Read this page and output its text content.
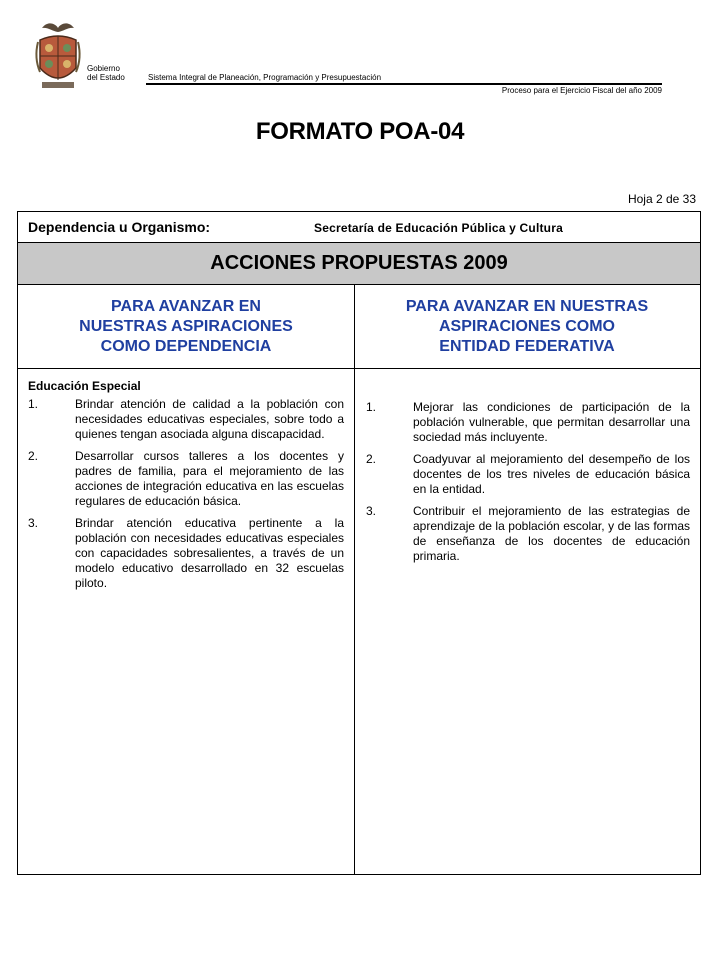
Gobierno
del Estado	Sistema Integral de Planeación, Programación y Presupuestación
Proceso para el Ejercicio Fiscal del año 2009
FORMATO POA-04
Hoja 2 de 33
Dependencia u Organismo:	Secretaría de Educación Pública y Cultura
ACCIONES PROPUESTAS 2009
PARA AVANZAR EN
NUESTRAS ASPIRACIONES
COMO DEPENDENCIA
Educación Especial
1.	Brindar atención de calidad a la población con necesidades educativas especiales, sobre todo a quienes tengan asociada alguna discapacidad.
2.	Desarrollar cursos talleres a los docentes y padres de familia, para el mejoramiento de las acciones de integración educativa en las escuelas regulares de educación básica.
3.	Brindar atención educativa pertinente a la población con necesidades educativas especiales con capacidades sobresalientes, a través de un modelo educativo desarrollado en 32 escuelas piloto.
PARA AVANZAR EN NUESTRAS
ASPIRACIONES COMO
ENTIDAD FEDERATIVA
1.	Mejorar las condiciones de participación de la población vulnerable, que permitan desarrollar una sociedad más incluyente.
2.	Coadyuvar al mejoramiento del desempeño de los docentes de los tres niveles de educación básica en la entidad.
3.	Contribuir el mejoramiento de las estrategias de aprendizaje de la población escolar, y de las formas de enseñanza de los docentes de educación primaria.
